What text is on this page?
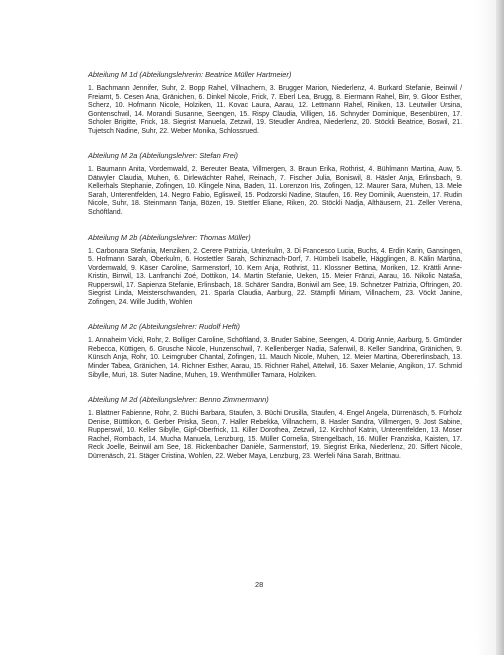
Abteilung M 1d (Abteilungslehrerin: Beatrice Müller Hartmeier)

1. Bachmann Jennifer, Suhr, 2. Bopp Rahel, Villnachern, 3. Brugger Marion, Niederlenz, 4. Burkard Stefanie, Beinwil / Freiamt, 5. Cesen Ana, Gränichen, 6. Dinkel Nicole, Frick, 7. Eberl Lea, Brugg, 8. Eiermann Rahel, Birr, 9. Gloor Esther, Scherz, 10. Hofmann Nicole, Holziken, 11. Kovac Laura, Aarau, 12. Lettmann Rahel, Riniken, 13. Leutwiler Ursina, Gontenschwil, 14. Morandi Susanne, Seengen, 15. Rispy Claudia, Villigen, 16. Schnyder Dominique, Besenbüren, 17. Scholer Brigitte, Frick, 18. Siegrist Manuela, Zetzwil, 19. Steudler Andrea, Niederlenz, 20. Stöckli Beatrice, Boswil, 21. Tujetsch Nadine, Suhr, 22. Weber Monika, Schlossrued.

Abteilung M 2a (Abteilungslehrer: Stefan Frei)

1. Baumann Anita, Vordemwald, 2. Bereuter Beata, Villmergen, 3. Braun Erika, Rothrist, 4. Bühlmann Martina, Auw, 5. Dätwyler Claudia, Muhen, 6. Dirlewächter Rahel, Reinach, 7. Fischer Julia, Boniswil, 8. Häsler Anja, Erlinsbach, 9. Kellerhals Stephanie, Zofingen, 10. Klingele Nina, Baden, 11. Lorenzon Iris, Zofingen, 12. Maurer Sara, Muhen, 13. Mele Sarah, Unterentfelden, 14. Negro Fabio, Eglisweil, 15. Podzorski Nadine, Staufen, 16. Rey Dominik, Auenstein, 17. Rudin Nicole, Suhr, 18. Steinmann Tanja, Bözen, 19. Stettler Eliane, Riken, 20. Stöckli Nadja, Althäusern, 21. Zeller Verena, Schöftland.

Abteilung M 2b (Abteilungslehrer: Thomas Müller)

1. Carbonara Stefania, Menziken, 2. Cerere Patrizia, Unterkulm, 3. Di Francesco Lucia, Buchs, 4. Erdin Karin, Gansingen, 5. Hofmann Sarah, Oberkulm, 6. Hostettler Sarah, Schinznach-Dorf, 7. Hümbeli Isabelle, Hägglingen, 8. Kälin Martina, Vordemwald, 9. Käser Caroline, Sarmenstorf, 10. Kern Anja, Rothrist, 11. Klossner Bettina, Moriken, 12. Krättli Anne-Kristin, Birrwil, 13. Lanfranchi Zoé, Dottikon, 14. Martin Stefanie, Ueken, 15. Meier Fränzi, Aarau, 16. Nikolic Nataša, Rupperswil, 17. Sapienza Stefanie, Erlinsbach, 18. Schärer Sandra, Boniwil am See, 19. Schnetzer Patrizia, Oftringen, 20. Siegrist Linda, Meisterschwanden, 21. Sparla Claudia, Aarburg, 22. Stämpfli Miriam, Villnachern, 23. Vöckt Janine, Zofingen, 24. Wille Judith, Wohlen

Abteilung M 2c (Abteilungslehrer: Rudolf Hefti)

1. Annaheim Vicki, Rohr, 2. Bolliger Caroline, Schöftland, 3. Bruder Sabine, Seengen, 4. Dürig Annie, Aarburg, 5. Gmünder Rebecca, Küttigen, 6. Grusche Nicole, Hunzenschwil, 7. Kellenberger Nadia, Safenwil, 8. Keller Sandrina, Gränichen, 9. Künsch Anja, Rohr, 10. Leimgruber Chantal, Zofingen, 11. Mauch Nicole, Muhen, 12. Meier Martina, Obererlinsbach, 13. Minder Tabea, Gränichen, 14. Richner Esther, Aarau, 15. Richner Rahel, Attelwil, 16. Saxer Melanie, Angikon, 17. Schmid Sibylle, Muri, 18. Suter Nadine, Muhen, 19. Wenthmüller Tamara, Holziken.

Abteilung M 2d (Abteilungslehrer: Benno Zimmermann)

1. Blattner Fabienne, Rohr, 2. Büchi Barbara, Staufen, 3. Büchi Drusilla, Staufen, 4. Engel Angela, Dürrenäsch, 5. Fürholz Denise, Bütttikon, 6. Gerber Priska, Seon, 7. Haller Rebekka, Villnachern, 8. Hasler Sandra, Villmergen, 9. Jost Sabine, Rupperswil, 10. Keller Sibylle, Gipf-Oberfrick, 11. Killer Dorothea, Zetzwil, 12. Kirchhof Katrin, Unterentfelden, 13. Moser Rachel, Rombach, 14. Mucha Manuela, Lenzburg, 15. Müller Cornelia, Strengelbach, 16. Müller Franziska, Kaisten, 17. Reck Joelle, Beinwil am See, 18. Rickenbacher Danièle, Sarmenstorf, 19. Siegrist Erika, Niederlenz, 20. Siffert Nicole, Dürrenäsch, 21. Stäger Cristina, Wohlen, 22. Weber Maya, Lenzburg, 23. Werfeli Nina Sarah, Brittnau.

28
